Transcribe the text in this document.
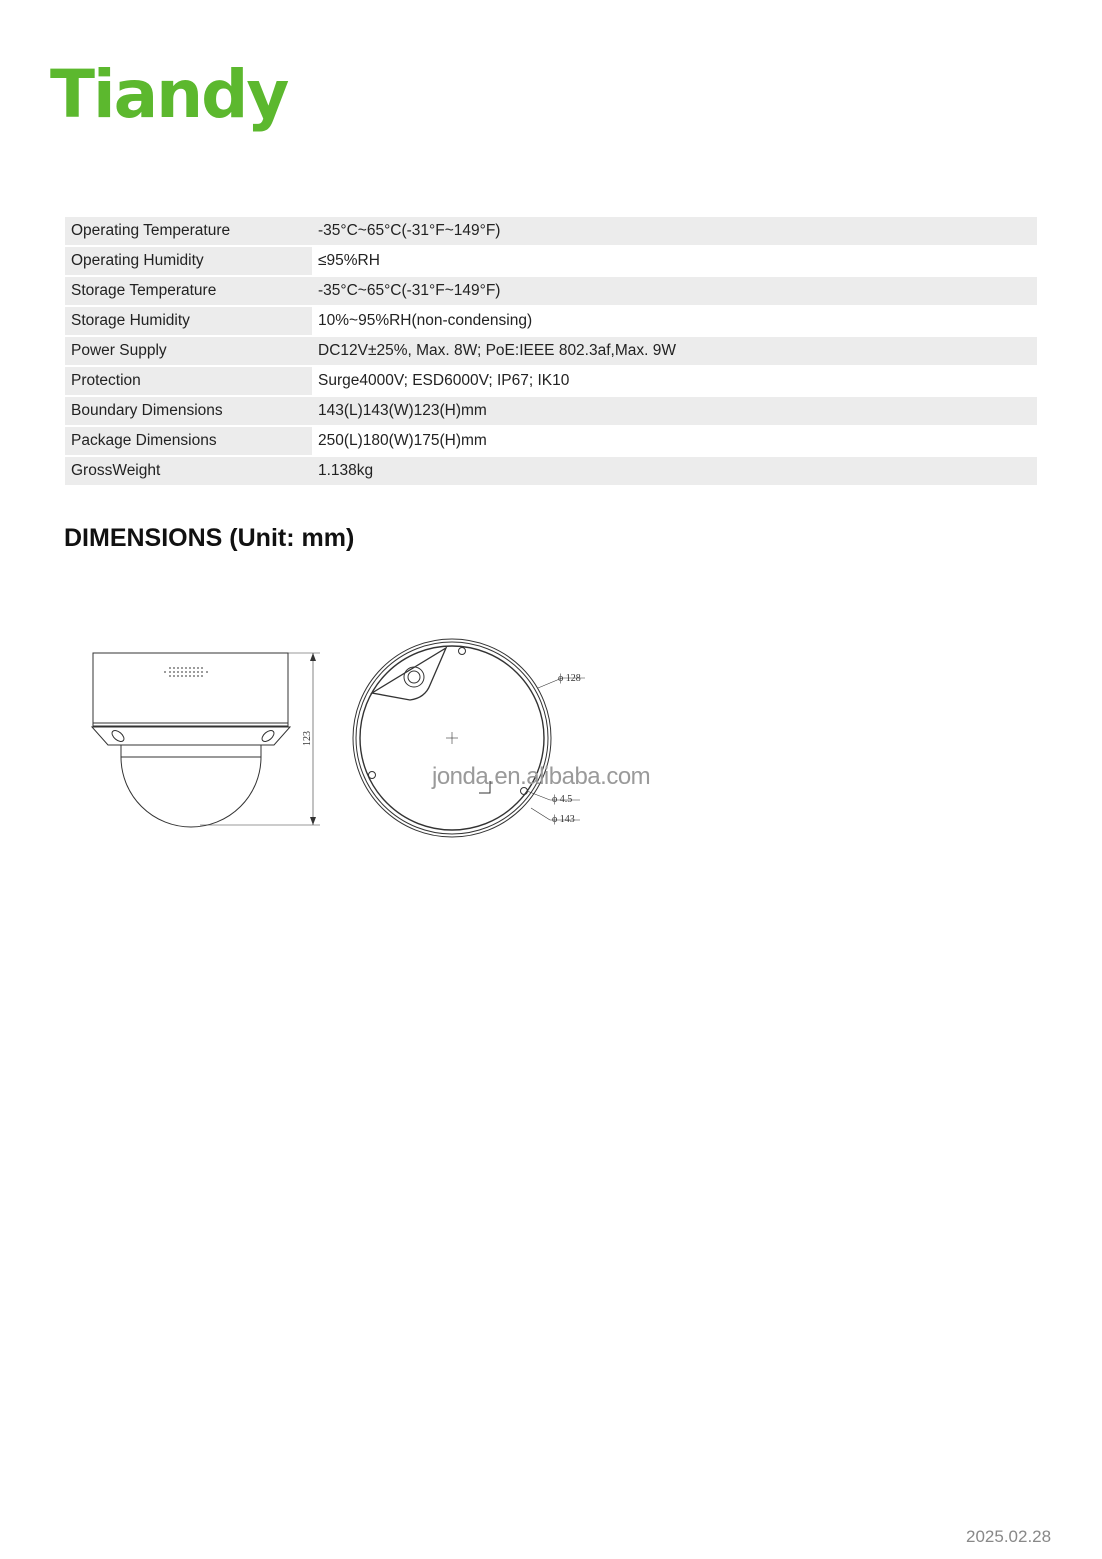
Tiandy
Operating Temperature	-35°C~65°C(-31°F~149°F)
Operating Humidity	≤95%RH
Storage Temperature	-35°C~65°C(-31°F~149°F)
Storage Humidity	10%~95%RH(non-condensing)
Power Supply	DC12V±25%, Max. 8W; PoE:IEEE 802.3af,Max. 9W
Protection	Surge4000V; ESD6000V; IP67; IK10
Boundary Dimensions	143(L)143(W)123(H)mm
Package Dimensions	250(L)180(W)175(H)mm
GrossWeight	1.138kg
DIMENSIONS (Unit: mm)
123
ϕ 128
ϕ 4.5
ϕ 143
jonda.en.alibaba.com
2025.02.28
